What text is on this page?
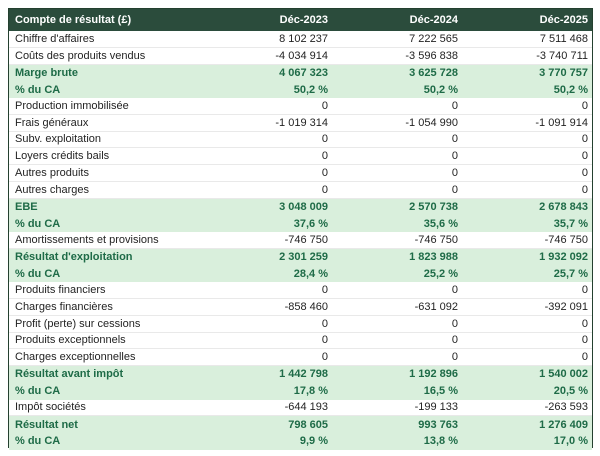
Compte de résultat (£)	Déc-2023	Déc-2024	Déc-2025
Chiffre d'affaires	8 102 237	7 222 565	7 511 468
Coûts des produits vendus	-4 034 914	-3 596 838	-3 740 711
Marge brute	4 067 323	3 625 728	3 770 757
% du CA	50,2 %	50,2 %	50,2 %
Production immobilisée	0	0	0
Frais généraux	-1 019 314	-1 054 990	-1 091 914
Subv. exploitation	0	0	0
Loyers crédits bails	0	0	0
Autres produits	0	0	0
Autres charges	0	0	0
EBE	3 048 009	2 570 738	2 678 843
% du CA	37,6 %	35,6 %	35,7 %
Amortissements et provisions	-746 750	-746 750	-746 750
Résultat d'exploitation	2 301 259	1 823 988	1 932 092
% du CA	28,4 %	25,2 %	25,7 %
Produits financiers	0	0	0
Charges financières	-858 460	-631 092	-392 091
Profit (perte) sur cessions	0	0	0
Produits exceptionnels	0	0	0
Charges exceptionnelles	0	0	0
Résultat avant impôt	1 442 798	1 192 896	1 540 002
% du CA	17,8 %	16,5 %	20,5 %
Impôt sociétés	-644 193	-199 133	-263 593
Résultat net	798 605	993 763	1 276 409
% du CA	9,9 %	13,8 %	17,0 %
